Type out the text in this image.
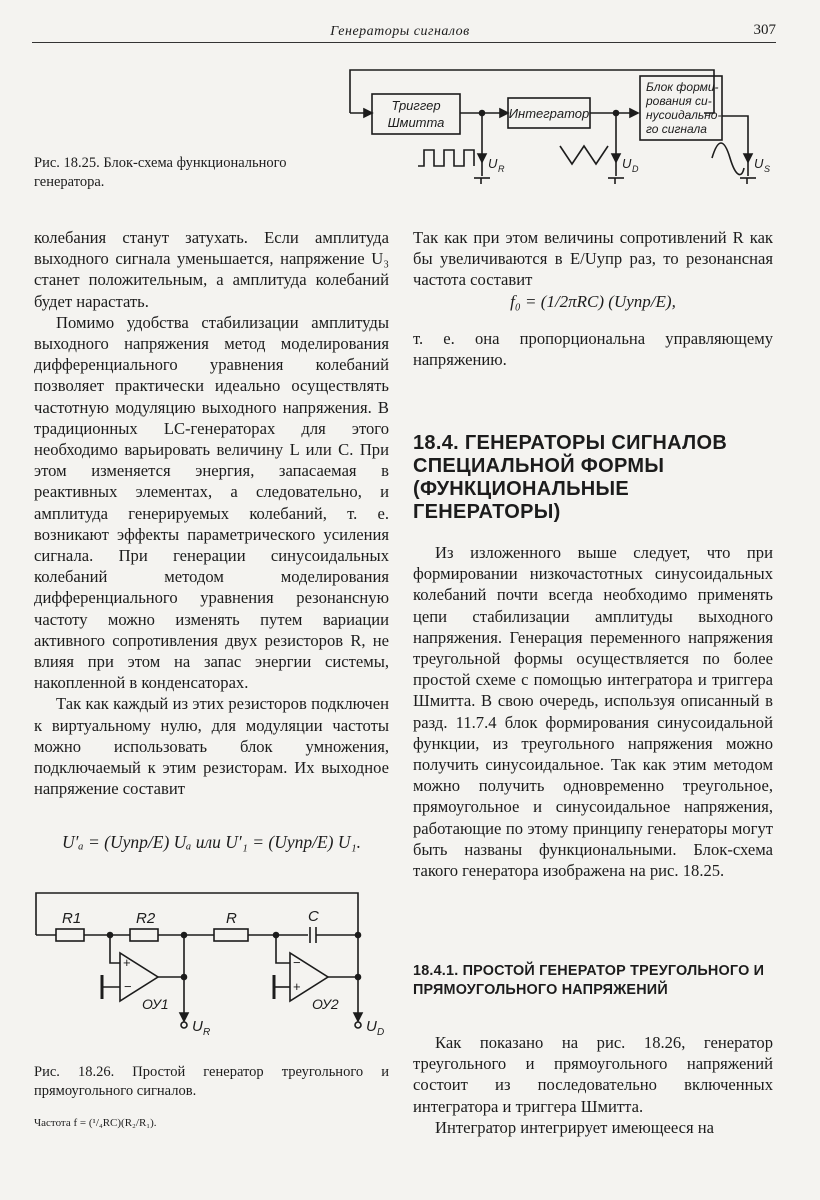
Генераторы сигналов	307
Триггер
Шмитта
Интегратор
Блок форми-
рования си-
нусоидально-
го сигнала
U R	U D	U S
Рис. 18.25. Блок-схема функционального генератора.

колебания станут затухать. Если амплитуда выходного сигнала уменьшается, напряжение U₃ станет положительным, а амплитуда колебаний будет нарастать.

Помимо удобства стабилизации амплитуды выходного напряжения метод моделирования дифференциального уравнения колебаний позволяет практически идеально осуществлять частотную модуляцию выходного напряжения. В традиционных LC-генераторах для этого необходимо варьировать величину L или C. При этом изменяется энергия, запасаемая в реактивных элементах, а следовательно, и амплитуда генерируемых колебаний, т. е. возникают эффекты параметрического усиления сигнала. При генерации синусоидальных колебаний методом моделирования дифференциального уравнения резонансную частоту можно изменять путем вариации активного сопротивления двух резисторов R, не влияя при этом на запас энергии системы, накопленной в конденсаторах.

Так как каждый из этих резисторов подключен к виртуальному нулю, для модуляции частоты можно использовать блок умножения, подключаемый к этим резисторам. Их выходное напряжение составит

U′ₐ = (Uупр/E) Uₐ или U′₁ = (Uупр/E) U₁.
R1	R2	R	C
+
−
−
+
ОУ1	ОУ2
U R	U D
Рис. 18.26. Простой генератор треугольного и прямоугольного сигналов.
Частота f = (¹/₄RC)(R₂/R₁).
Так как при этом величины сопротивлений R как бы увеличиваются в E/Uупр раз, то резонансная частота составит
f₀ = (1/2πRC) (Uупр/E),
т. е. она пропорциональна управляющему напряжению.
18.4. ГЕНЕРАТОРЫ СИГНАЛОВ СПЕЦИАЛЬНОЙ ФОРМЫ (ФУНКЦИОНАЛЬНЫЕ ГЕНЕРАТОРЫ)

Из изложенного выше следует, что при формировании низкочастотных синусоидальных колебаний почти всегда необходимо применять цепи стабилизации амплитуды выходного напряжения. Генерация переменного напряжения треугольной формы осуществляется по более простой схеме с помощью интегратора и триггера Шмитта. В свою очередь, используя описанный в разд. 11.7.4 блок формирования синусоидальной функции, из треугольного напряжения можно получить синусоидальное. Так как этим методом можно получить одновременно треугольное, прямоугольное и синусоидальное напряжения, работающие по этому принципу генераторы могут быть названы функциональными. Блок-схема такого генератора изображена на рис. 18.25.

18.4.1. ПРОСТОЙ ГЕНЕРАТОР ТРЕУГОЛЬНОГО И ПРЯМОУГОЛЬНОГО НАПРЯЖЕНИЙ

Как показано на рис. 18.26, генератор треугольного и прямоугольного напряжений состоит из последовательно включенных интегратора и триггера Шмитта.

Интегратор интегрирует имеющееся на
